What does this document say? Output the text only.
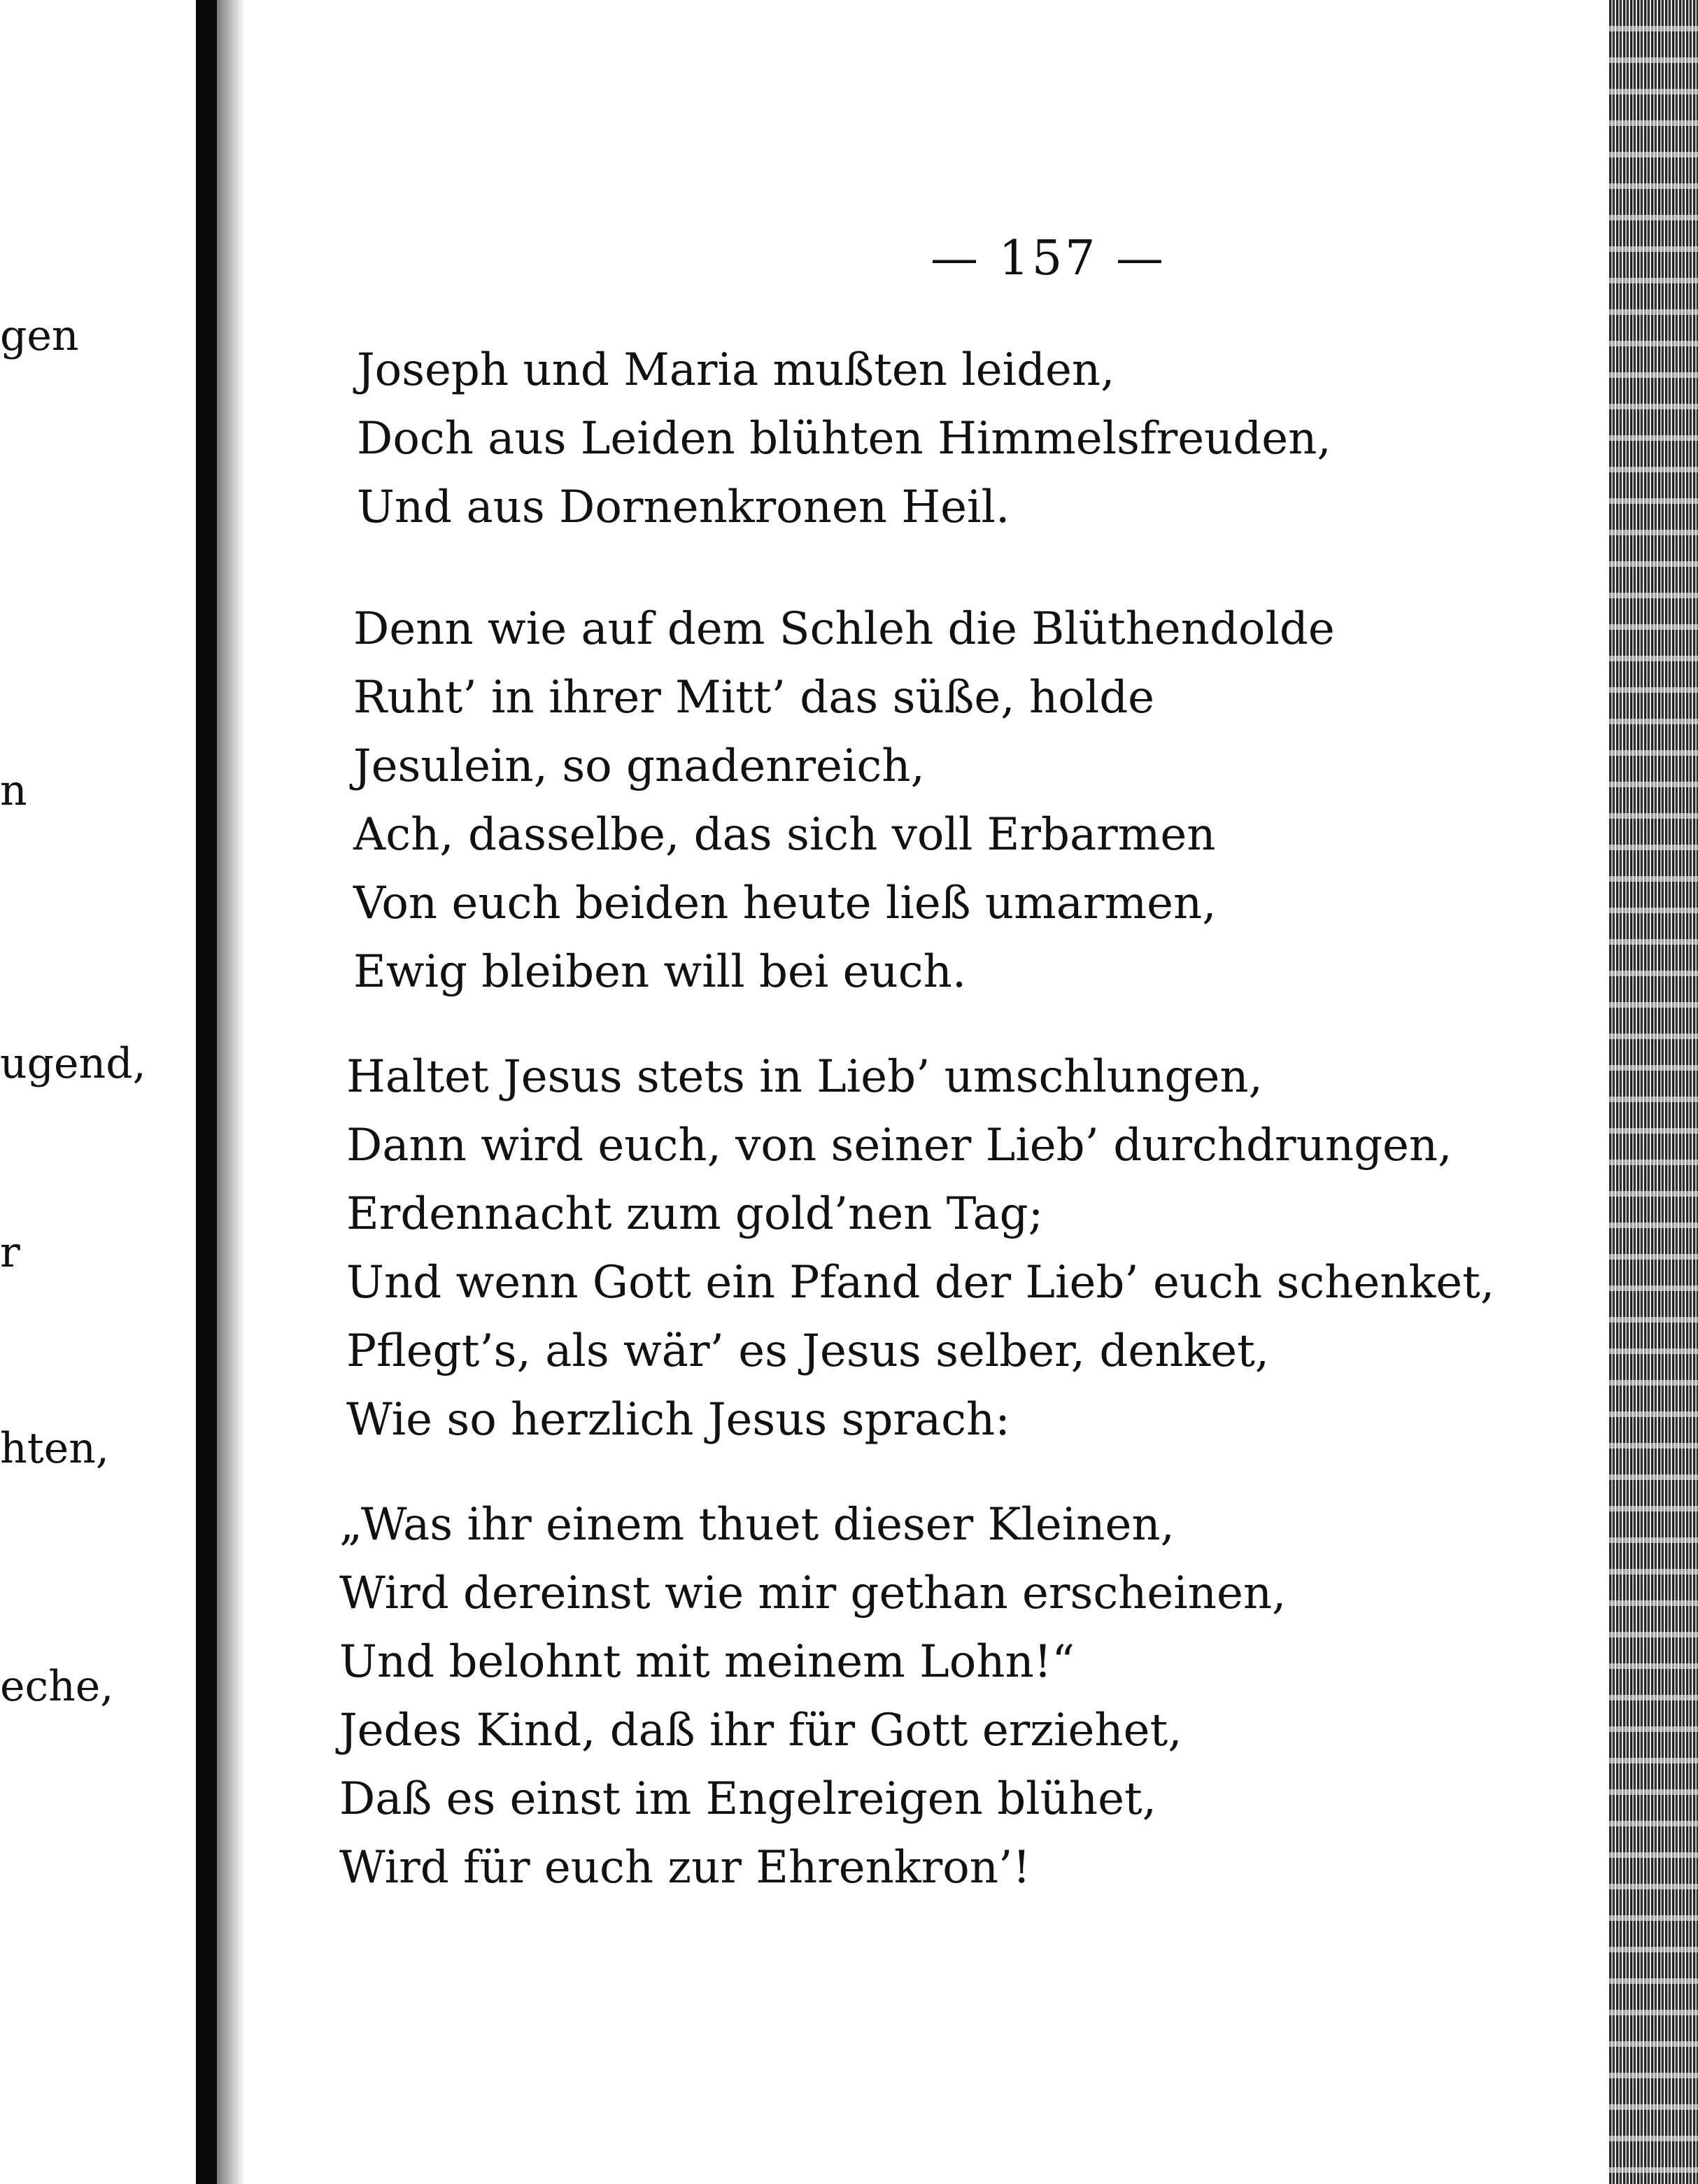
gen
n
ugend,
r
hten,
eche,
— 157 —
Joseph und Maria mußten leiden,
Doch aus Leiden blühten Himmelsfreuden,
Und aus Dornenkronen Heil.
Denn wie auf dem Schleh die Blüthendolde
Ruht’ in ihrer Mitt’ das süße, holde
Jesulein, so gnadenreich,
Ach, dasselbe, das sich voll Erbarmen
Von euch beiden heute ließ umarmen,
Ewig bleiben will bei euch.
Haltet Jesus stets in Lieb’ umschlungen,
Dann wird euch, von seiner Lieb’ durchdrungen,
Erdennacht zum gold’nen Tag;
Und wenn Gott ein Pfand der Lieb’ euch schenket,
Pflegt’s, als wär’ es Jesus selber, denket,
Wie so herzlich Jesus sprach:
„Was ihr einem thuet dieser Kleinen,
Wird dereinst wie mir gethan erscheinen,
Und belohnt mit meinem Lohn!“
Jedes Kind, daß ihr für Gott erziehet,
Daß es einst im Engelreigen blühet,
Wird für euch zur Ehrenkron’!
